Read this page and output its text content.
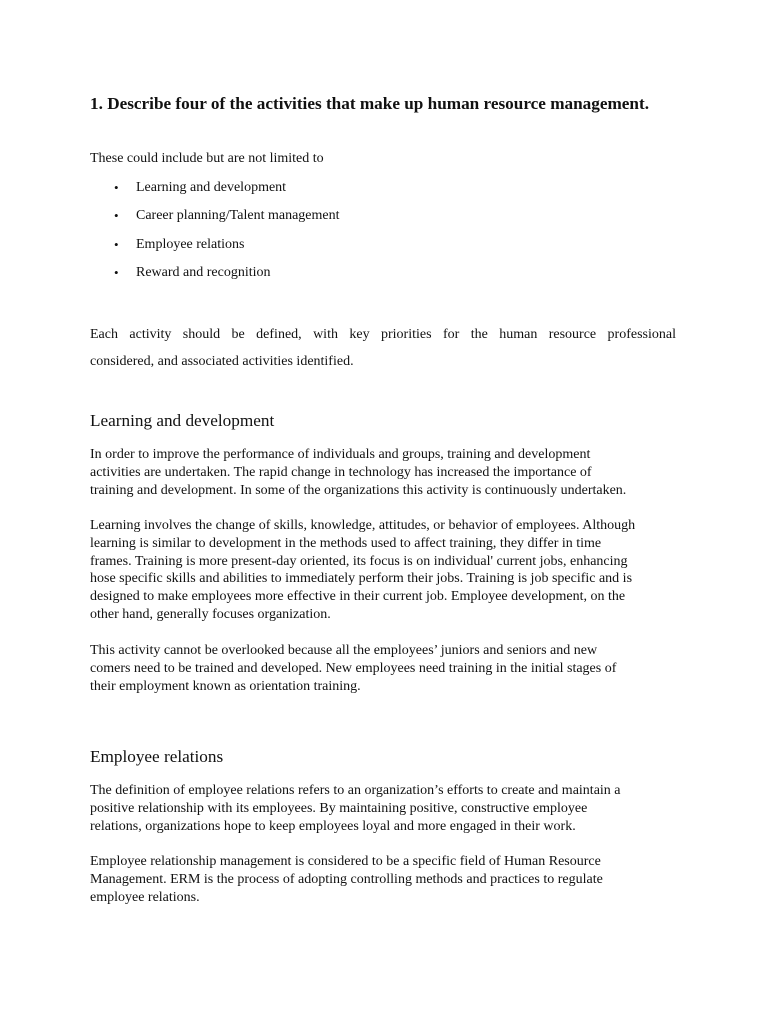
1. Describe four of the activities that make up human resource management.

These could include but are not limited to

• Learning and development
• Career planning/Talent management
• Employee relations
• Reward and recognition

Each activity should be defined, with key priorities for the human resource professional

considered, and associated activities identified.

Learning and development

In order to improve the performance of individuals and groups, training and development
activities are undertaken. The rapid change in technology has increased the importance of
training and development. In some of the organizations this activity is continuously undertaken.
Learning involves the change of skills, knowledge, attitudes, or behavior of employees. Although
learning is similar to development in the methods used to affect training, they differ in time
frames. Training is more present-day oriented, its focus is on individual' current jobs, enhancing
hose specific skills and abilities to immediately perform their jobs. Training is job specific and is
designed to make employees more effective in their current job. Employee development, on the
other hand, generally focuses organization.
This activity cannot be overlooked because all the employees’ juniors and seniors and new
comers need to be trained and developed. New employees need training in the initial stages of
their employment known as orientation training.

Employee relations

The definition of employee relations refers to an organization’s efforts to create and maintain a
positive relationship with its employees. By maintaining positive, constructive employee
relations, organizations hope to keep employees loyal and more engaged in their work.
Employee relationship management is considered to be a specific field of Human Resource
Management. ERM is the process of adopting controlling methods and practices to regulate
employee relations.
